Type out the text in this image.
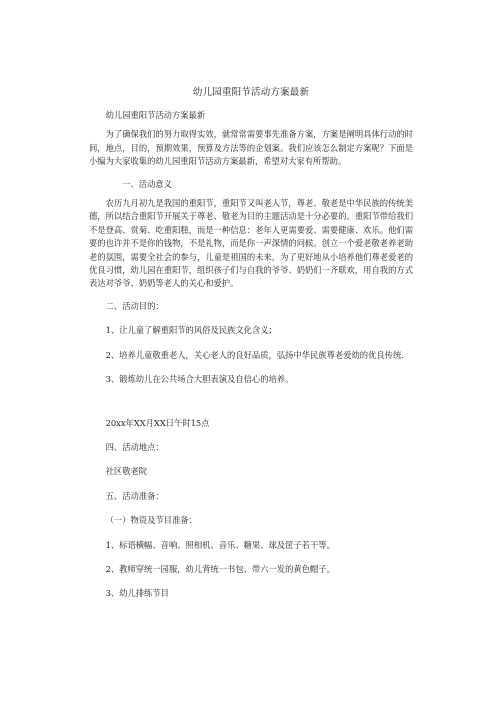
幼儿园重阳节活动方案最新

幼儿园重阳节活动方案最新

为了确保我们的努力取得实效，就常常需要事先准备方案，方案是阐明具体行动的时间，地点，目的，预期效果，预算及方法等的企划案。我们应该怎么制定方案呢？下面是小编为大家收集的幼儿园重阳节活动方案最新，希望对大家有所帮助。

一、活动意义

农历九月初九是我国的重阳节，重阳节又叫老人节，尊老、敬老是中华民族的传统美德，所以结合重阳节开展关于尊老、敬老为目的主题活动是十分必要的。重阳节带给我们不是登高、赏菊、吃重阳糕，而是一种信息：老年人更需要爱、需要健康、欢乐。他们需要的也许并不是你的钱物，不是礼物，而是你一声深情的问候。创立一个爱老敬老养老助老的氛围，需要全社会的参与，儿童是祖国的未来，为了更好地从小培养他们尊老爱老的优良习惯，幼儿园在重阳节，组织孩子们与自我的爷爷、奶奶们一齐联欢，用自我的方式表达对爷爷、奶奶等老人的关心和爱护。

二、活动目的：

1、让儿童了解重阳节的风俗及民族文化含义；

2、培养儿童敬重老人，关心老人的良好品质，弘扬中华民族尊老爱幼的优良传统.

3、锻炼幼儿在公共场合大胆表演及自信心的培养。

20xx年XX月XX日午时15点

四、活动地点：

社区敬老院

五、活动准备：

（一）物资及节目准备：

1、标语横幅、音响、照相机、音乐、糖果、球及筐子若干等。

2、教师穿统一园服，幼儿背统一书包、带六一发的黄色帽子。

3、幼儿排练节目
